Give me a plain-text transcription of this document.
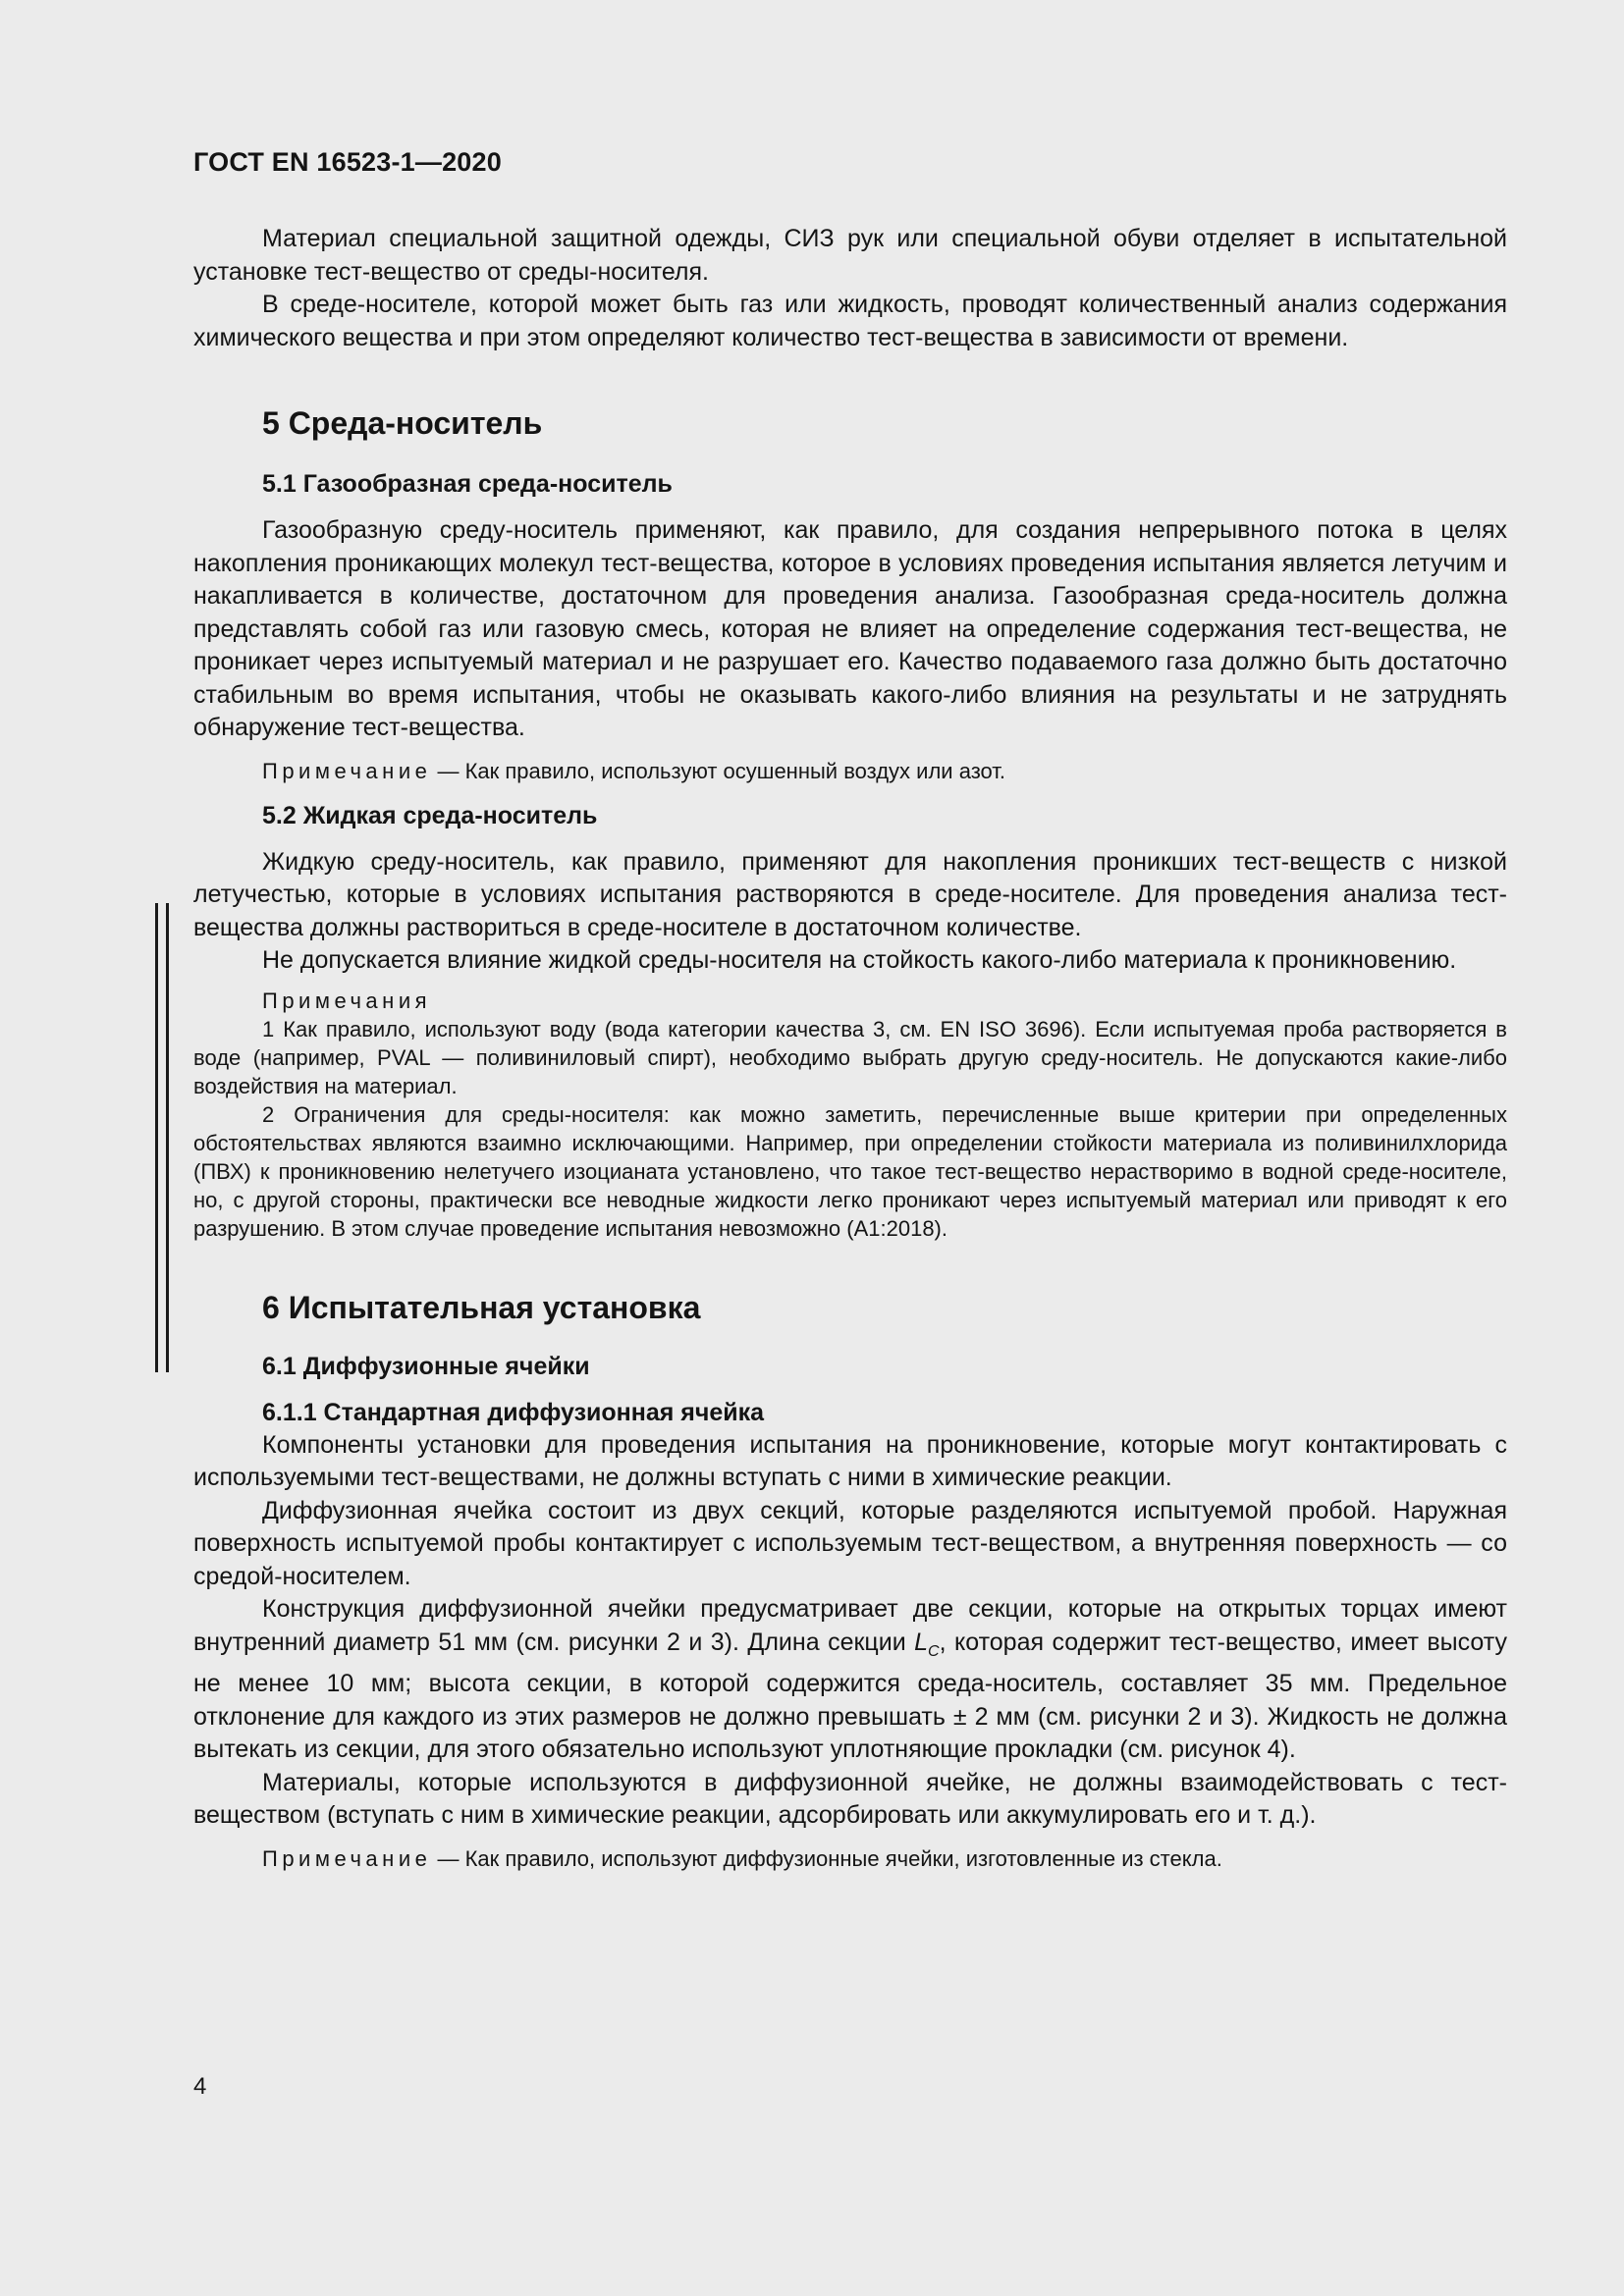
ГОСТ EN 16523-1—2020

Материал специальной защитной одежды, СИЗ рук или специальной обуви отделяет в испытательной установке тест-вещество от среды-носителя.

В среде-носителе, которой может быть газ или жидкость, проводят количественный анализ содержания химического вещества и при этом определяют количество тест-вещества в зависимости от времени.

5 Среда-носитель

5.1 Газообразная среда-носитель

Газообразную среду-носитель применяют, как правило, для создания непрерывного потока в целях накопления проникающих молекул тест-вещества, которое в условиях проведения испытания является летучим и накапливается в количестве, достаточном для проведения анализа. Газообразная среда-носитель должна представлять собой газ или газовую смесь, которая не влияет на определение содержания тест-вещества, не проникает через испытуемый материал и не разрушает его. Качество подаваемого газа должно быть достаточно стабильным во время испытания, чтобы не оказывать какого-либо влияния на результаты и не затруднять обнаружение тест-вещества.

Примечание — Как правило, используют осушенный воздух или азот.

5.2 Жидкая среда-носитель

Жидкую среду-носитель, как правило, применяют для накопления проникших тест-веществ с низкой летучестью, которые в условиях испытания растворяются в среде-носителе. Для проведения анализа тест-вещества должны раствориться в среде-носителе в достаточном количестве.

Не допускается влияние жидкой среды-носителя на стойкость какого-либо материала к проникновению.

Примечания

1 Как правило, используют воду (вода категории качества 3, см. EN ISO 3696). Если испытуемая проба растворяется в воде (например, PVAL — поливиниловый спирт), необходимо выбрать другую среду-носитель. Не допускаются какие-либо воздействия на материал.

2 Ограничения для среды-носителя: как можно заметить, перечисленные выше критерии при определенных обстоятельствах являются взаимно исключающими. Например, при определении стойкости материала из поливинилхлорида (ПВХ) к проникновению нелетучего изоцианата установлено, что такое тест-вещество нерастворимо в водной среде-носителе, но, с другой стороны, практически все неводные жидкости легко проникают через испытуемый материал или приводят к его разрушению. В этом случае проведение испытания невозможно (A1:2018).

6 Испытательная установка

6.1 Диффузионные ячейки

6.1.1 Стандартная диффузионная ячейка

Компоненты установки для проведения испытания на проникновение, которые могут контактировать с используемыми тест-веществами, не должны вступать с ними в химические реакции.

Диффузионная ячейка состоит из двух секций, которые разделяются испытуемой пробой. Наружная поверхность испытуемой пробы контактирует с используемым тест-веществом, а внутренняя поверхность — со средой-носителем.

Конструкция диффузионной ячейки предусматривает две секции, которые на открытых торцах имеют внутренний диаметр 51 мм (см. рисунки 2 и 3). Длина секции $L_C$, которая содержит тест-вещество, имеет высоту не менее 10 мм; высота секции, в которой содержится среда-носитель, составляет 35 мм. Предельное отклонение для каждого из этих размеров не должно превышать ± 2 мм (см. рисунки 2 и 3). Жидкость не должна вытекать из секции, для этого обязательно используют уплотняющие прокладки (см. рисунок 4).

Материалы, которые используются в диффузионной ячейке, не должны взаимодействовать с тест-веществом (вступать с ним в химические реакции, адсорбировать или аккумулировать его и т. д.).

Примечание — Как правило, используют диффузионные ячейки, изготовленные из стекла.

4
